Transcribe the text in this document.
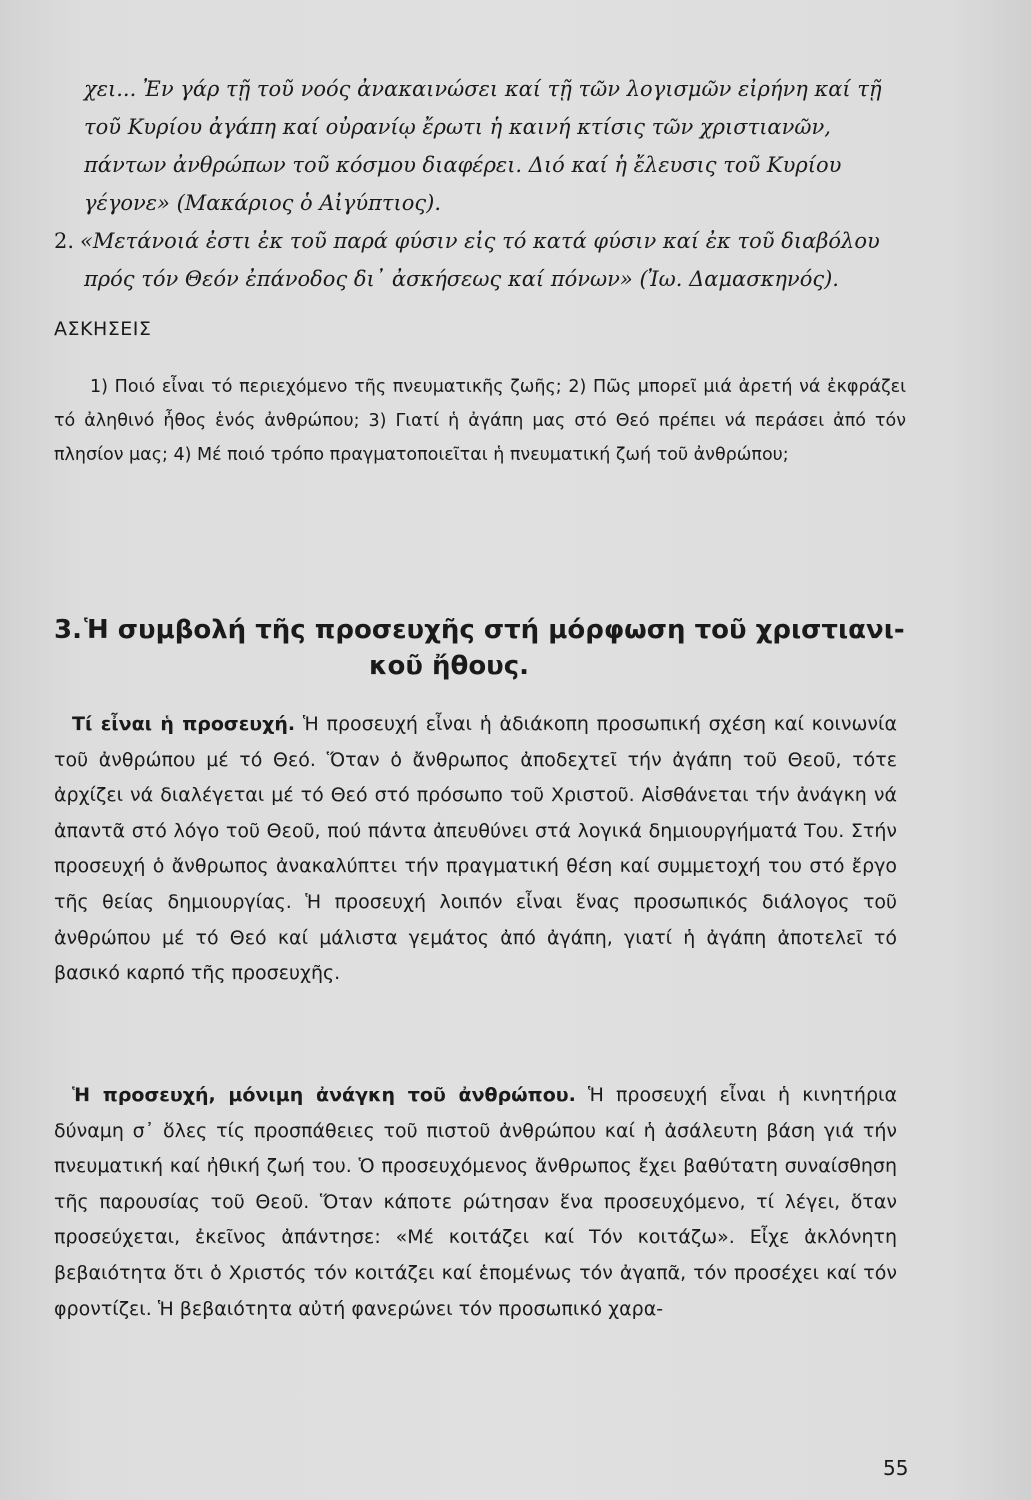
χει... Ἐν γάρ τῇ τοῦ νοός ἀνακαινώσει καί τῇ τῶν λογισμῶν εἰρήνη καί τῇ
τοῦ Κυρίου ἀγάπη καί οὐρανίῳ ἔρωτι ἡ καινή κτίσις τῶν χριστιανῶν,
πάντων ἀνθρώπων τοῦ κόσμου διαφέρει. Διό καί ἡ ἔλευσις τοῦ Κυρίου
γέγονε» (Μακάριος ὁ Αἰγύπτιος).
2. «Μετάνοιά ἐστι ἐκ τοῦ παρά φύσιν εἰς τό κατά φύσιν καί ἐκ τοῦ διαβόλου
πρός τόν Θεόν ἐπάνοδος δι᾽ ἀσκήσεως καί πόνων» (Ἰω. Δαμασκηνός).
ΑΣΚΗΣΕΙΣ

1) Ποιό εἶναι τό περιεχόμενο τῆς πνευματικῆς ζωῆς; 2) Πῶς μπορεῖ μιά ἀρετή νά ἐκφράζει τό ἀληθινό ἦθος ἑνός ἀνθρώπου; 3) Γιατί ἡ ἀγάπη μας στό Θεό πρέπει νά περάσει ἀπό τόν πλησίον μας; 4) Μέ ποιό τρόπο πραγματοποιεῖται ἡ πνευματική ζωή τοῦ ἀνθρώπου;

3.Ἡ συμβολή τῆς προσευχῆς στή μόρφωση τοῦ χριστιανι-
κοῦ ἤθους.

Τί εἶναι ἡ προσευχή. Ἡ προσευχή εἶναι ἡ ἀδιάκοπη προσωπική σχέση καί κοινωνία τοῦ ἀνθρώπου μέ τό Θεό. Ὅταν ὁ ἄνθρωπος ἀποδεχτεῖ τήν ἀγάπη τοῦ Θεοῦ, τότε ἀρχίζει νά διαλέγεται μέ τό Θεό στό πρόσωπο τοῦ Χριστοῦ. Αἰσθάνεται τήν ἀνάγκη νά ἀπαντᾶ στό λόγο τοῦ Θεοῦ, πού πάντα ἀπευθύνει στά λογικά δημιουργήματά Του. Στήν προσευχή ὁ ἄνθρωπος ἀνακαλύπτει τήν πραγματική θέση καί συμμετοχή του στό ἔργο τῆς θείας δημιουργίας. Ἡ προσευχή λοιπόν εἶναι ἕνας προσωπικός διάλογος τοῦ ἀνθρώπου μέ τό Θεό καί μάλιστα γεμάτος ἀπό ἀγάπη, γιατί ἡ ἀγάπη ἀποτελεῖ τό βασικό καρπό τῆς προσευχῆς.

Ἡ προσευχή, μόνιμη ἀνάγκη τοῦ ἀνθρώπου. Ἡ προσευχή εἶναι ἡ κινητήρια δύναμη σ᾽ ὅλες τίς προσπάθειες τοῦ πιστοῦ ἀνθρώπου καί ἡ ἀσάλευτη βάση γιά τήν πνευματική καί ἠθική ζωή του. Ὁ προσευχόμενος ἄνθρωπος ἔχει βαθύτατη συναίσθηση τῆς παρουσίας τοῦ Θεοῦ. Ὅταν κάποτε ρώτησαν ἕνα προσευχόμενο, τί λέγει, ὅταν προσεύχεται, ἐκεῖνος ἀπάντησε: «Μέ κοιτάζει καί Τόν κοιτάζω». Εἶχε ἀκλόνητη βεβαιότητα ὅτι ὁ Χριστός τόν κοιτάζει καί ἑπομένως τόν ἀγαπᾶ, τόν προσέχει καί τόν φροντίζει. Ἡ βεβαιότητα αὐτή φανερώνει τόν προσωπικό χαρα-

55
